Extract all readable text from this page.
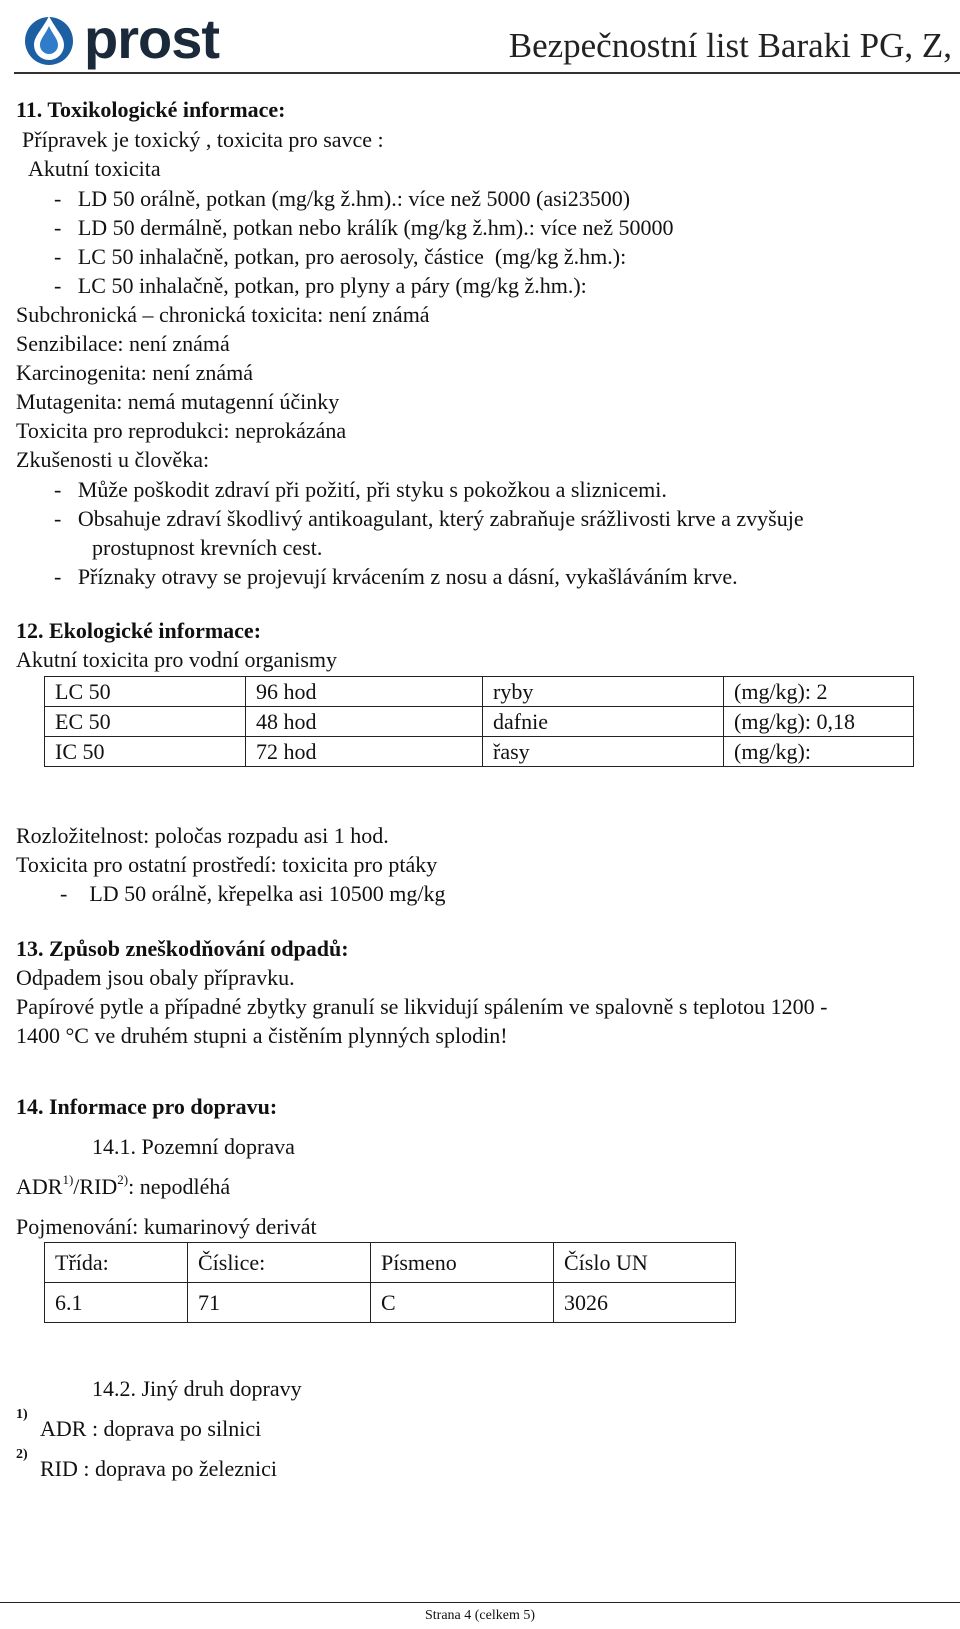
prost	Bezpečnostní list Baraki PG, Z,
11. Toxikologické informace:
Přípravek je toxický , toxicita pro savce :
Akutní toxicita
-   LD 50 orálně, potkan (mg/kg ž.hm).: více než 5000 (asi23500)
-   LD 50 dermálně, potkan nebo králík (mg/kg ž.hm).: více než 50000
-   LC 50 inhalačně, potkan, pro aerosoly, částice  (mg/kg ž.hm.):
-   LC 50 inhalačně, potkan, pro plyny a páry (mg/kg ž.hm.):
Subchronická – chronická toxicita: není známá
Senzibilace: není známá
Karcinogenita: není známá
Mutagenita: nemá mutagenní účinky
Toxicita pro reprodukci: neprokázána
Zkušenosti u člověka:
-   Může poškodit zdraví při požití, při styku s pokožkou a sliznicemi.
-   Obsahuje zdraví škodlivý antikoagulant, který zabraňuje srážlivosti krve a zvyšuje
prostupnost krevních cest.
-   Příznaky otravy se projevují krvácením z nosu a dásní, vykašláváním krve.
12. Ekologické informace:
Akutní toxicita pro vodní organismy
LC 50	96 hod	ryby	(mg/kg): 2
EC 50	48 hod	dafnie	(mg/kg): 0,18
IC 50	72 hod	řasy	(mg/kg):
Rozložitelnost: poločas rozpadu asi 1 hod.
Toxicita pro ostatní prostředí: toxicita pro ptáky
-    LD 50 orálně, křepelka asi 10500 mg/kg
13. Způsob zneškodňování odpadů:
Odpadem jsou obaly přípravku.
Papírové pytle a případné zbytky granulí se likvidují spálením ve spalovně s teplotou 1200 -
1400 °C ve druhém stupni a čistěním plynných splodin!
14. Informace pro dopravu:
14.1. Pozemní doprava
ADR$^{1)}$/RID$^{2)}$: nepodléhá
Pojmenování: kumarinový derivát
Třída:	Číslice:	Písmeno	Číslo UN
6.1	71	C	3026
14.2. Jiný druh dopravy
1)
ADR : doprava po silnici
2)
RID : doprava po železnici
Strana 4 (celkem 5)
